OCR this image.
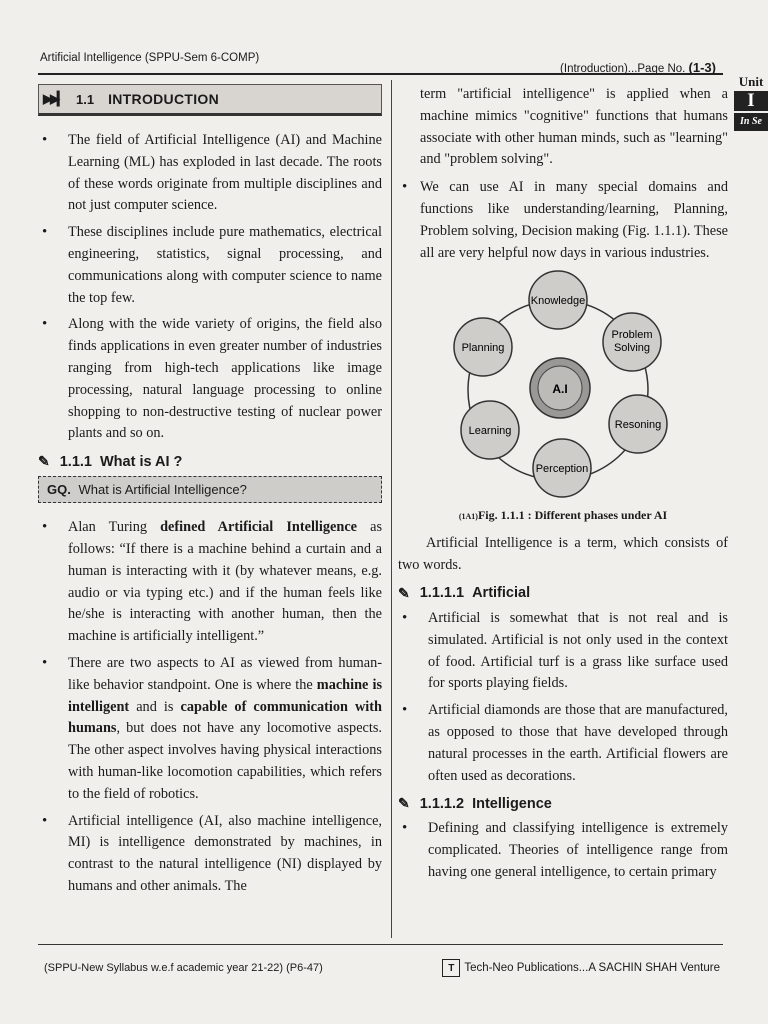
Artificial Intelligence (SPPU-Sem 6-COMP)
(Introduction)...Page No. (1-3)
Unit
I
In Se
▶▶▎ 1.1 INTRODUCTION
• The field of Artificial Intelligence (AI) and Machine Learning (ML) has exploded in last decade. The roots of these words originate from multiple disciplines and not just computer science.
• These disciplines include pure mathematics, electrical engineering, statistics, signal processing, and communications along with computer science to name the top few.
• Along with the wide variety of origins, the field also finds applications in even greater number of industries ranging from high-tech applications like image processing, natural language processing to online shopping to non-destructive testing of nuclear power plants and so on.
✎ 1.1.1 What is AI ?
GQ. What is Artificial Intelligence?
• Alan Turing defined Artificial Intelligence as follows: “If there is a machine behind a curtain and a human is interacting with it (by whatever means, e.g. audio or via typing etc.) and if the human feels like he/she is interacting with another human, then the machine is artificially intelligent.”
• There are two aspects to AI as viewed from human-like behavior standpoint. One is where the machine is intelligent and is capable of communication with humans, but does not have any locomotive aspects. The other aspect involves having physical interactions with human-like locomotion capabilities, which refers to the field of robotics.
• Artificial intelligence (AI, also machine intelligence, MI) is intelligence demonstrated by machines, in contrast to the natural intelligence (NI) displayed by humans and other animals. The

term "artificial intelligence" is applied when a machine mimics "cognitive" functions that humans associate with other human minds, such as "learning" and "problem solving".

• We can use AI in many special domains and functions like understanding/learning, Planning, Problem solving, Decision making (Fig. 1.1.1). These all are very helpful now days in various industries.
A.I
Knowledge
Problem
Solving
Resoning
Perception
Learning
Planning
(1A1)Fig. 1.1.1 : Different phases under AI

Artificial Intelligence is a term, which consists of two words.

✎ 1.1.1.1 Artificial
• Artificial is somewhat that is not real and is simulated. Artificial is not only used in the context of food. Artificial turf is a grass like surface used for sports playing fields.
• Artificial diamonds are those that are manufactured, as opposed to those that have developed through natural processes in the earth. Artificial flowers are often used as decorations.
✎ 1.1.1.2 Intelligence
• Defining and classifying intelligence is extremely complicated. Theories of intelligence range from having one general intelligence, to certain primary
(SPPU-New Syllabus w.e.f academic year 21-22) (P6-47)	T Tech-Neo Publications...A SACHIN SHAH Venture
